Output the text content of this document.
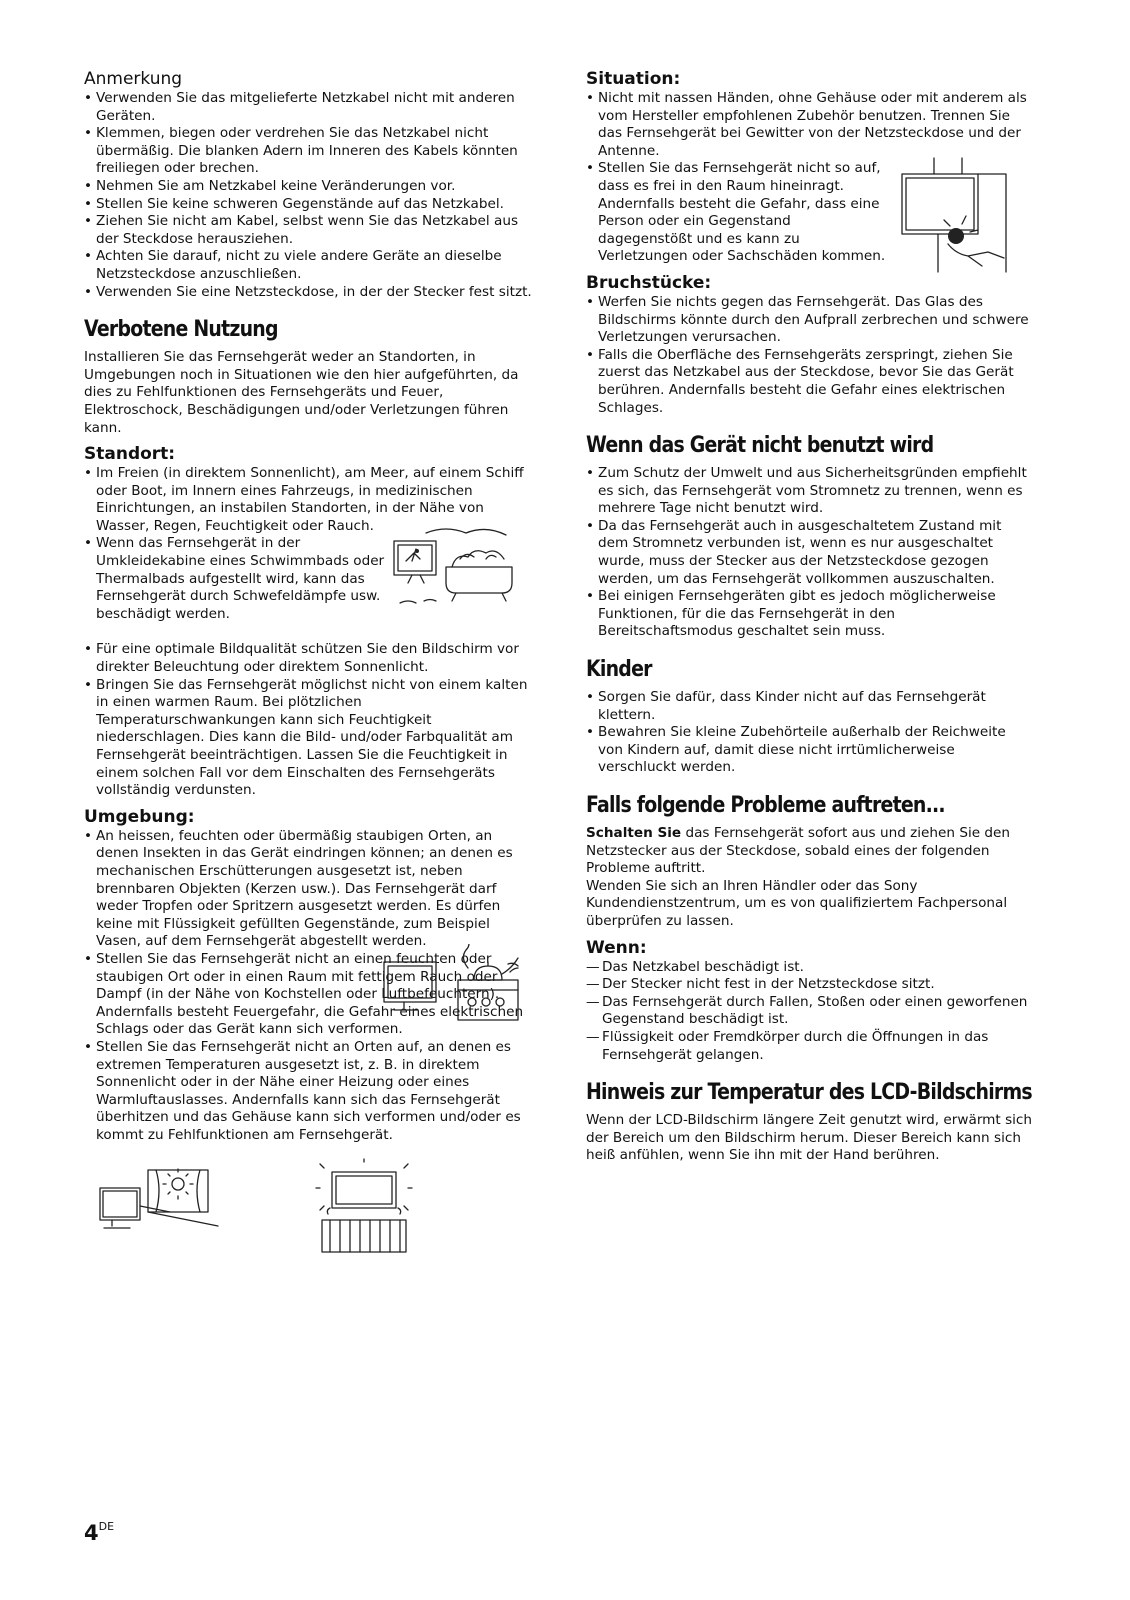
Anmerkung
• Verwenden Sie das mitgelieferte Netzkabel nicht mit anderen Geräten.
• Klemmen, biegen oder verdrehen Sie das Netzkabel nicht übermäßig. Die blanken Adern im Inneren des Kabels könnten freiliegen oder brechen.
• Nehmen Sie am Netzkabel keine Veränderungen vor.
• Stellen Sie keine schweren Gegenstände auf das Netzkabel.
• Ziehen Sie nicht am Kabel, selbst wenn Sie das Netzkabel aus der Steckdose herausziehen.
• Achten Sie darauf, nicht zu viele andere Geräte an dieselbe Netzsteckdose anzuschließen.
• Verwenden Sie eine Netzsteckdose, in der der Stecker fest sitzt.
Verbotene Nutzung

Installieren Sie das Fernsehgerät weder an Standorten, in Umgebungen noch in Situationen wie den hier aufgeführten, da dies zu Fehlfunktionen des Fernsehgeräts und Feuer, Elektroschock, Beschädigungen und/oder Verletzungen führen kann.

Standort:
• Im Freien (in direktem Sonnenlicht), am Meer, auf einem Schiff oder Boot, im Innern eines Fahrzeugs, in medizinischen Einrichtungen, an instabilen Standorten, in der Nähe von Wasser, Regen, Feuchtigkeit oder Rauch.
• Wenn das Fernsehgerät in der Umkleidekabine eines Schwimmbads oder Thermalbads aufgestellt wird, kann das Fernsehgerät durch Schwefeldämpfe usw. beschädigt werden.
• Für eine optimale Bildqualität schützen Sie den Bildschirm vor direkter Beleuchtung oder direktem Sonnenlicht.
• Bringen Sie das Fernsehgerät möglichst nicht von einem kalten in einen warmen Raum. Bei plötzlichen Temperaturschwankungen kann sich Feuchtigkeit niederschlagen. Dies kann die Bild- und/oder Farbqualität am Fernsehgerät beeinträchtigen. Lassen Sie die Feuchtigkeit in einem solchen Fall vor dem Einschalten des Fernsehgeräts vollständig verdunsten.
Umgebung:
• An heissen, feuchten oder übermäßig staubigen Orten, an denen Insekten in das Gerät eindringen können; an denen es mechanischen Erschütterungen ausgesetzt ist, neben brennbaren Objekten (Kerzen usw.). Das Fernsehgerät darf weder Tropfen oder Spritzern ausgesetzt werden. Es dürfen keine mit Flüssigkeit gefüllten Gegenstände, zum Beispiel Vasen, auf dem Fernsehgerät abgestellt werden.
• Stellen Sie das Fernsehgerät nicht an einen feuchten oder staubigen Ort oder in einen Raum mit fettigem Rauch oder Dampf (in der Nähe von Kochstellen oder Luftbefeuchtern). Andernfalls besteht Feuergefahr, die Gefahr eines elektrischen Schlags oder das Gerät kann sich verformen.
• Stellen Sie das Fernsehgerät nicht an Orten auf, an denen es extremen Temperaturen ausgesetzt ist, z. B. in direktem Sonnenlicht oder in der Nähe einer Heizung oder eines Warmluftauslasses. Andernfalls kann sich das Fernsehgerät überhitzen und das Gehäuse kann sich verformen und/oder es kommt zu Fehlfunktionen am Fernsehgerät.
Situation:
• Nicht mit nassen Händen, ohne Gehäuse oder mit anderem als vom Hersteller empfohlenen Zubehör benutzen. Trennen Sie das Fernsehgerät bei Gewitter von der Netzsteckdose und der Antenne.
• Stellen Sie das Fernsehgerät nicht so auf, dass es frei in den Raum hineinragt. Andernfalls besteht die Gefahr, dass eine Person oder ein Gegenstand dagegenstößt und es kann zu Verletzungen oder Sachschäden kommen.
Bruchstücke:
• Werfen Sie nichts gegen das Fernsehgerät. Das Glas des Bildschirms könnte durch den Aufprall zerbrechen und schwere Verletzungen verursachen.
• Falls die Oberfläche des Fernsehgeräts zerspringt, ziehen Sie zuerst das Netzkabel aus der Steckdose, bevor Sie das Gerät berühren. Andernfalls besteht die Gefahr eines elektrischen Schlages.
Wenn das Gerät nicht benutzt wird
• Zum Schutz der Umwelt und aus Sicherheitsgründen empfiehlt es sich, das Fernsehgerät vom Stromnetz zu trennen, wenn es mehrere Tage nicht benutzt wird.
• Da das Fernsehgerät auch in ausgeschaltetem Zustand mit dem Stromnetz verbunden ist, wenn es nur ausgeschaltet wurde, muss der Stecker aus der Netzsteckdose gezogen werden, um das Fernsehgerät vollkommen auszuschalten.
• Bei einigen Fernsehgeräten gibt es jedoch möglicherweise Funktionen, für die das Fernsehgerät in den Bereitschaftsmodus geschaltet sein muss.
Kinder
• Sorgen Sie dafür, dass Kinder nicht auf das Fernsehgerät klettern.
• Bewahren Sie kleine Zubehörteile außerhalb der Reichweite von Kindern auf, damit diese nicht irrtümlicherweise verschluckt werden.
Falls folgende Probleme auftreten...

Schalten Sie das Fernsehgerät sofort aus und ziehen Sie den Netzstecker aus der Steckdose, sobald eines der folgenden Probleme auftritt.

Wenden Sie sich an Ihren Händler oder das Sony Kundendienstzentrum, um es von qualifiziertem Fachpersonal überprüfen zu lassen.

Wenn:
— Das Netzkabel beschädigt ist.
— Der Stecker nicht fest in der Netzsteckdose sitzt.
— Das Fernsehgerät durch Fallen, Stoßen oder einen geworfenen Gegenstand beschädigt ist.
— Flüssigkeit oder Fremdkörper durch die Öffnungen in das Fernsehgerät gelangen.
Hinweis zur Temperatur des LCD-Bildschirms

Wenn der LCD-Bildschirm längere Zeit genutzt wird, erwärmt sich der Bereich um den Bildschirm herum. Dieser Bereich kann sich heiß anfühlen, wenn Sie ihn mit der Hand berühren.

4DE
